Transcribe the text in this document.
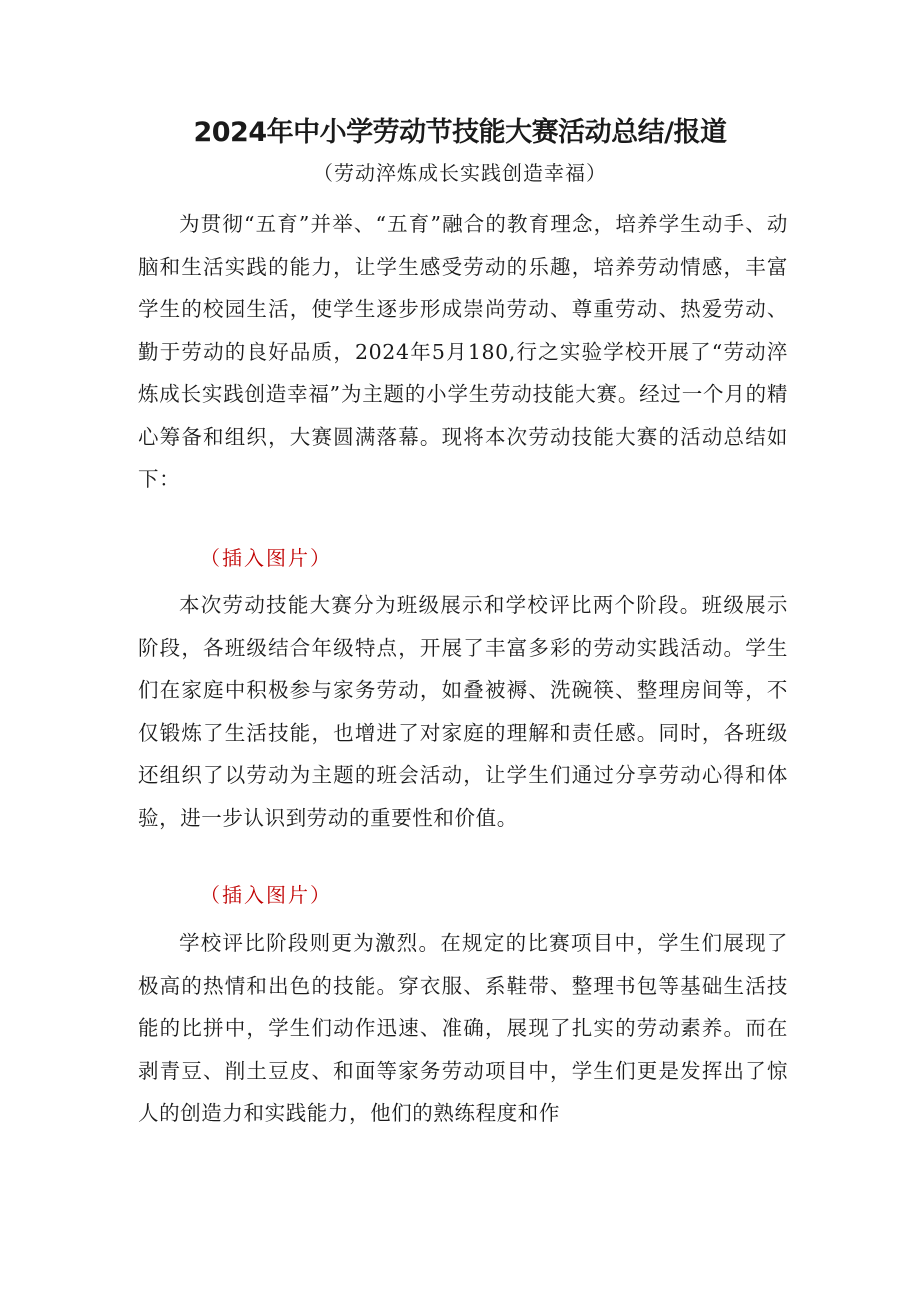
2024年中小学劳动节技能大赛活动总结/报道

（劳动淬炼成长实践创造幸福）

为贯彻“五育”并举、“五育”融合的教育理念，培养学生动手、动脑和生活实践的能力，让学生感受劳动的乐趣，培养劳动情感，丰富学生的校园生活，使学生逐步形成崇尚劳动、尊重劳动、热爱劳动、勤于劳动的良好品质，2024年5月180,行之实验学校开展了“劳动淬炼成长实践创造幸福”为主题的小学生劳动技能大赛。经过一个月的精心筹备和组织，大赛圆满落幕。现将本次劳动技能大赛的活动总结如下：

（插入图片）

本次劳动技能大赛分为班级展示和学校评比两个阶段。班级展示阶段，各班级结合年级特点，开展了丰富多彩的劳动实践活动。学生们在家庭中积极参与家务劳动，如叠被褥、洗碗筷、整理房间等，不仅锻炼了生活技能，也增进了对家庭的理解和责任感。同时，各班级还组织了以劳动为主题的班会活动，让学生们通过分享劳动心得和体验，进一步认识到劳动的重要性和价值。

（插入图片）

学校评比阶段则更为激烈。在规定的比赛项目中，学生们展现了极高的热情和出色的技能。穿衣服、系鞋带、整理书包等基础生活技能的比拼中，学生们动作迅速、准确，展现了扎实的劳动素养。而在剥青豆、削土豆皮、和面等家务劳动项目中，学生们更是发挥出了惊人的创造力和实践能力，他们的熟练程度和作
